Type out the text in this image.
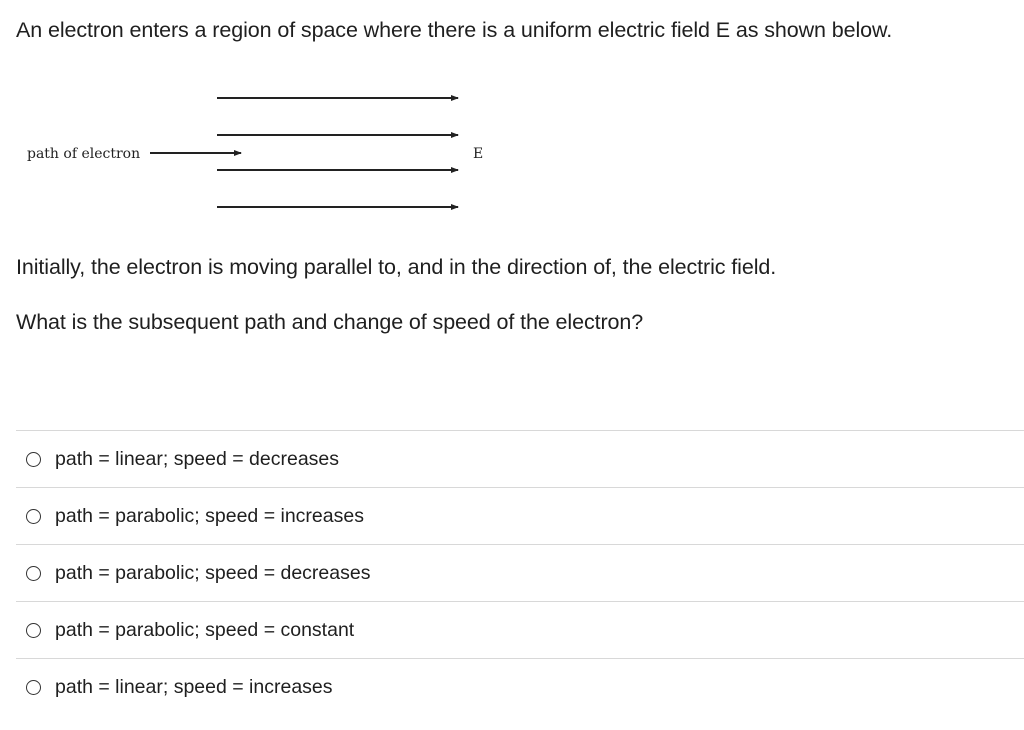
An electron enters a region of space where there is a uniform electric field E as shown below.

path of electron	E

Initially, the electron is moving parallel to, and in the direction of, the electric field.

What is the subsequent path and change of speed of the electron?

path = linear; speed = decreases
path = parabolic; speed = increases
path = parabolic; speed = decreases
path = parabolic; speed = constant
path = linear; speed = increases
